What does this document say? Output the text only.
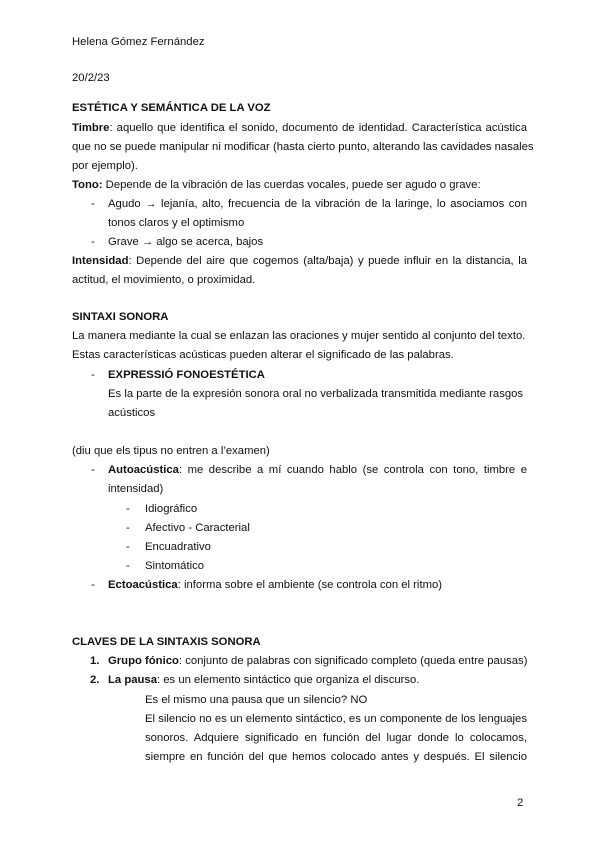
Helena Gómez Fernández
20/2/23
ESTÉTICA Y SEMÁNTICA DE LA VOZ
Timbre: aquello que identifica el sonido, documento de identidad. Característica acústica
que no se puede manipular ni modificar (hasta cierto punto, alterando las cavidades nasales
por ejemplo).
Tono: Depende de la vibración de las cuerdas vocales, puede ser agudo o grave:
- Agudo → lejanía, alto, frecuencia de la vibración de la laringe, lo asociamos con
tonos claros y el optimismo
- Grave → algo se acerca, bajos
Intensidad: Depende del aire que cogemos (alta/baja) y puede influir en la distancia, la
actitud, el movimiento, o proximidad.
SINTAXI SONORA
La manera mediante la cual se enlazan las oraciones y mujer sentido al conjunto del texto.
Estas características acústicas pueden alterar el significado de las palabras.
- EXPRESSIÓ FONOESTÉTICA
Es la parte de la expresión sonora oral no verbalizada transmitida mediante rasgos
acústicos
(diu que els tipus no entren a l’examen)
- Autoacústica: me describe a mí cuando hablo (se controla con tono, timbre e
intensidad)
- Idiográfico
- Afectivo - Caracterial
- Encuadrativo
- Sintomático
- Ectoacústica: informa sobre el ambiente (se controla con el ritmo)
CLAVES DE LA SINTAXIS SONORA
1. Grupo fónico: conjunto de palabras con significado completo (queda entre pausas)
2. La pausa: es un elemento sintáctico que organiza el discurso.
Es el mismo una pausa que un silencio? NO
El silencio no es un elemento sintáctico, es un componente de los lenguajes
sonoros. Adquiere significado en función del lugar donde lo colocamos,
siempre en función del que hemos colocado antes y después. El silencio
2
